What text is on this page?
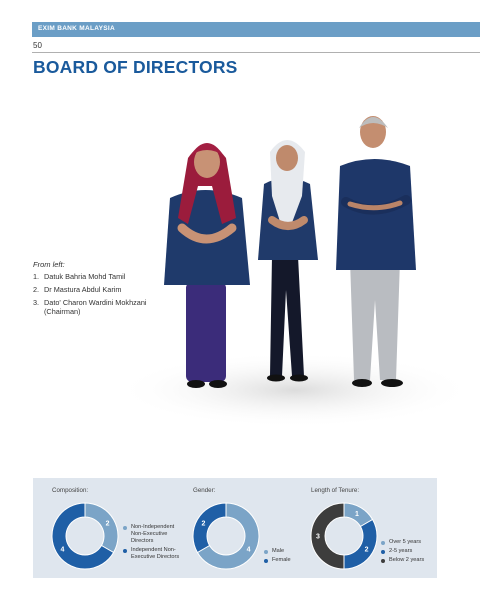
EXIM BANK MALAYSIA
50
BOARD OF DIRECTORS
From left:
1. Datuk Bahria Mohd Tamil
2. Dr Mastura Abdul Karim
3. Dato' Charon Wardini Mokhzani (Chairman)
Composition:
2
4
Non-Independent Non-Executive Directors
Independent Non-Executive Directors
Gender:
4
2
Male
Female
Length of Tenure:
1
2
3
Over 5 years
2-5 years
Below 2 years
